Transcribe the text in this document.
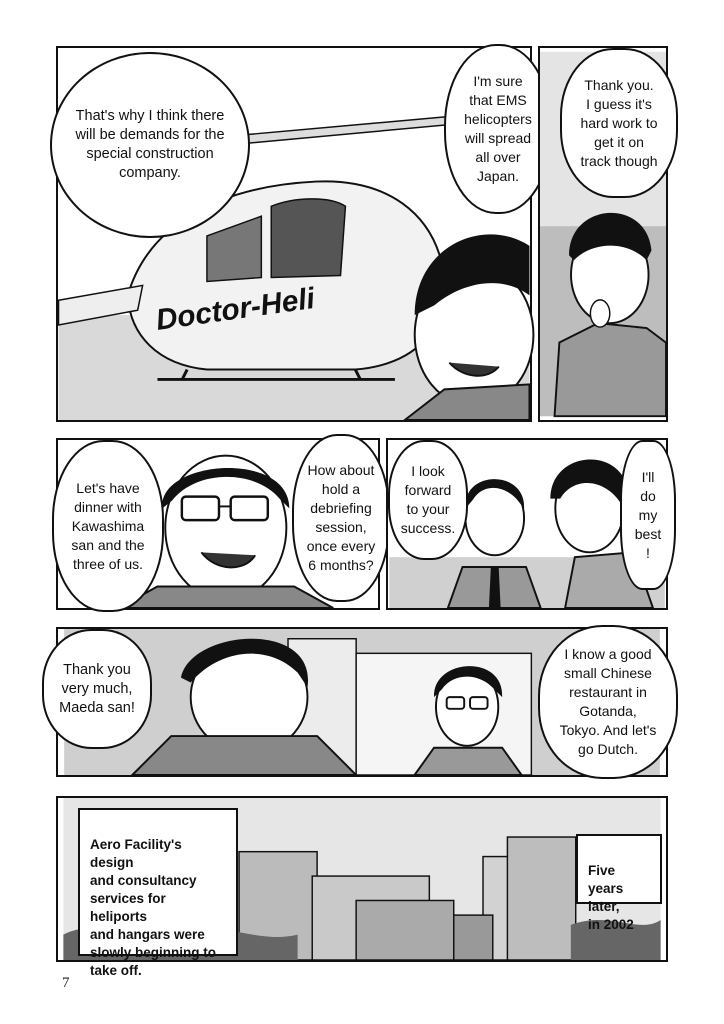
Doctor-Heli
That's why I think there
will be demands for the
special construction
company.
I'm sure
that EMS
helicopters
will spread
all over
Japan.
Thank you.
I guess it's
hard work to
get it on
track though
Let's have
dinner with
Kawashima
san and the
three of us.
How about
hold a
debriefing
session,
once every
6 months?
I look
forward
to your
success.
I'll
do
my
best
!
Thank you
very much,
Maeda san!
I know a good
small Chinese
restaurant in
Gotanda,
Tokyo. And let's
go Dutch.

Aero Facility's design
and consultancy
services for heliports
and hangars were
slowly beginning to
take off.

Five years
later,
in 2002

7
